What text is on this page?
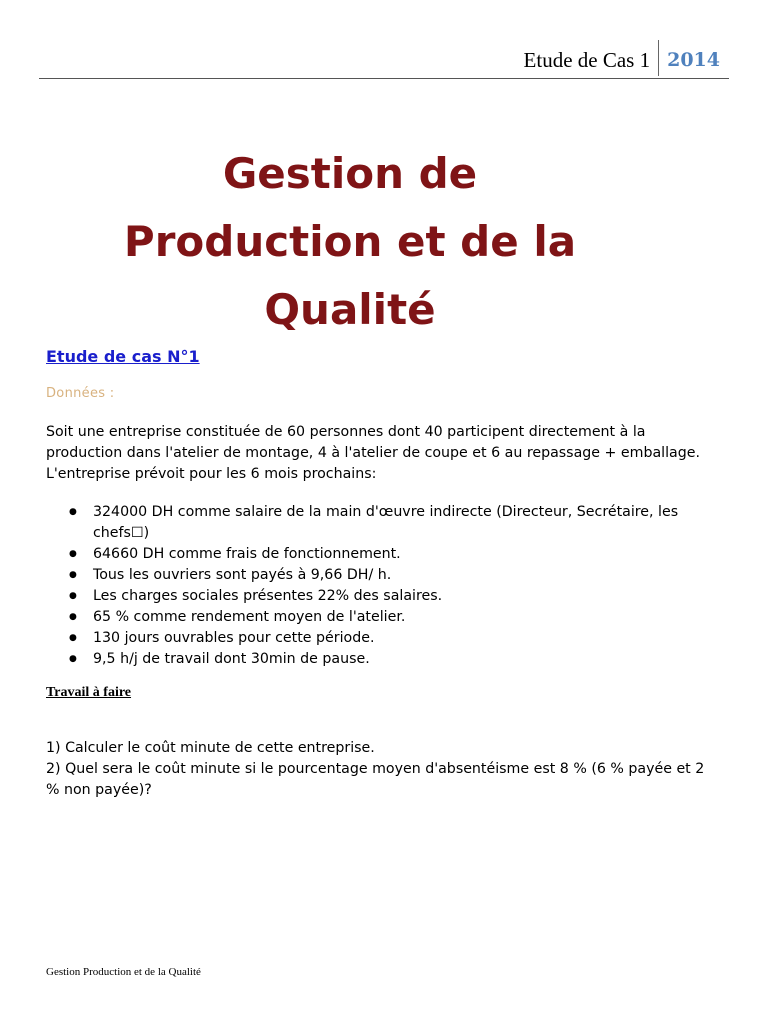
Etude de Cas 1 2014
Gestion de
Production et de la
Qualité
Etude de cas N°1
Données :
Soit une entreprise constituée de 60 personnes dont 40 participent directement à la
production dans l'atelier de montage, 4 à l'atelier de coupe et 6 au repassage + emballage.
L'entreprise prévoit pour les 6 mois prochains:
● 324000 DH comme salaire de la main d'œuvre indirecte (Directeur, Secrétaire, les
chefs☐)
● 64660 DH comme frais de fonctionnement.
● Tous les ouvriers sont payés à 9,66 DH/ h.
● Les charges sociales présentes 22% des salaires.
● 65 % comme rendement moyen de l'atelier.
● 130 jours ouvrables pour cette période.
● 9,5 h/j de travail dont 30min de pause.
Travail à faire
1) Calculer le coût minute de cette entreprise.
2) Quel sera le coût minute si le pourcentage moyen d'absentéisme est 8 % (6 % payée et 2
% non payée)?
Gestion Production et de la Qualité
